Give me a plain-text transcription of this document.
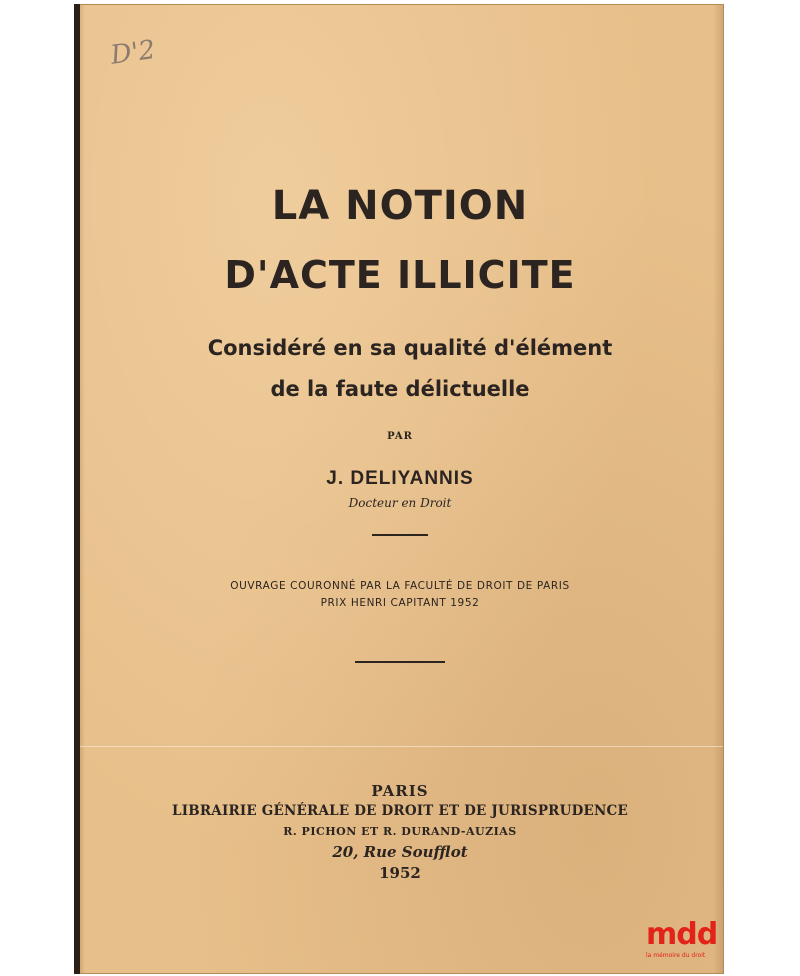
D'2
LA NOTION
D'ACTE ILLICITE
Considéré en sa qualité d'élément
de la faute délictuelle
PAR
J. DELIYANNIS
Docteur en Droit
OUVRAGE COURONNÉ PAR LA FACULTÉ DE DROIT DE PARIS
PRIX HENRI CAPITANT 1952
PARIS
LIBRAIRIE GÉNÉRALE DE DROIT ET DE JURISPRUDENCE
R. PICHON ET R. DURAND-AUZIAS
20, Rue Soufflot
1952
mdd
la mémoire du droit
